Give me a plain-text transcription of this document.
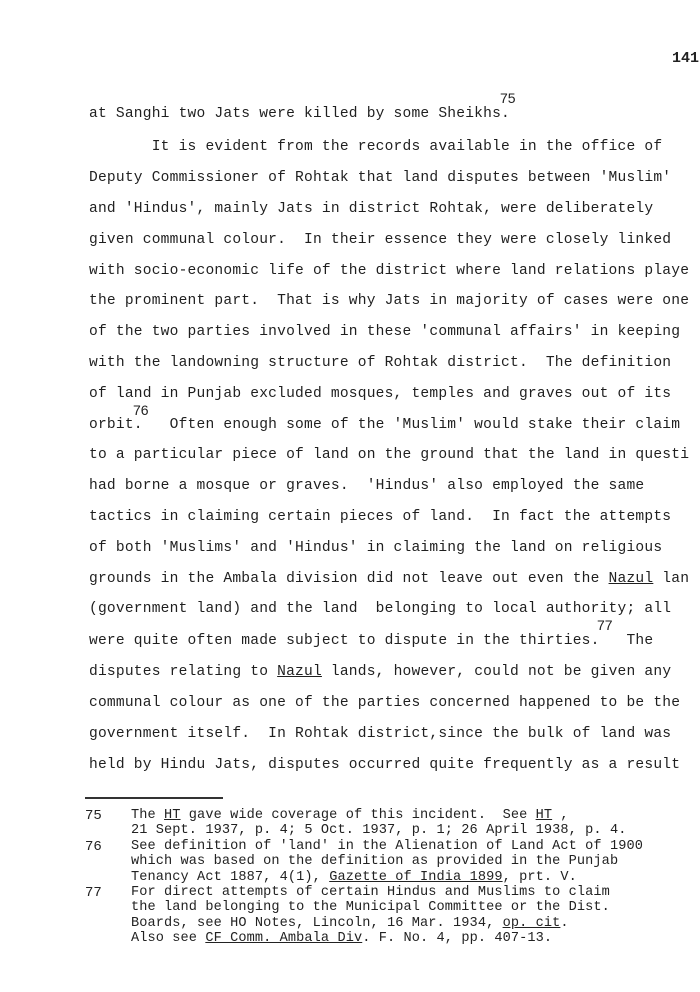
141
at Sanghi two Jats were killed by some Sheikhs.
It is evident from the records available in the office of
Deputy Commissioner of Rohtak that land disputes between 'Muslim'
and 'Hindus', mainly Jats in district Rohtak, were deliberately
given communal colour.  In their essence they were closely linked
with socio-economic life of the district where land relations playe
the prominent part.  That is why Jats in majority of cases were one
of the two parties involved in these 'communal affairs' in keeping
with the landowning structure of Rohtak district.  The definition
of land in Punjab excluded mosques, temples and graves out of its
orbit.   Often enough some of the 'Muslim' would stake their claim
to a particular piece of land on the ground that the land in questi
had borne a mosque or graves.  'Hindus' also employed the same
tactics in claiming certain pieces of land.  In fact the attempts
of both 'Muslims' and 'Hindus' in claiming the land on religious
grounds in the Ambala division did not leave out even the Nazul lan
(government land) and the land  belonging to local authority; all
were quite often made subject to dispute in the thirties.   The
disputes relating to Nazul lands, however, could not be given any
communal colour as one of the parties concerned happened to be the
government itself.  In Rohtak district,since the bulk of land was
held by Hindu Jats, disputes occurred quite frequently as a result
75 The HT gave wide coverage of this incident.  See HT ,
21 Sept. 1937, p. 4; 5 Oct. 1937, p. 1; 26 April 1938, p. 4.
76 See definition of 'land' in the Alienation of Land Act of 1900
which was based on the definition as provided in the Punjab
Tenancy Act 1887, 4(1), Gazette of India 1899, prt. V.
77 For direct attempts of certain Hindus and Muslims to claim
the land belonging to the Municipal Committee or the Dist.
Boards, see HO Notes, Lincoln, 16 Mar. 1934, op. cit.
Also see CF Comm. Ambala Div. F. No. 4, pp. 407-13.
75
76
77
